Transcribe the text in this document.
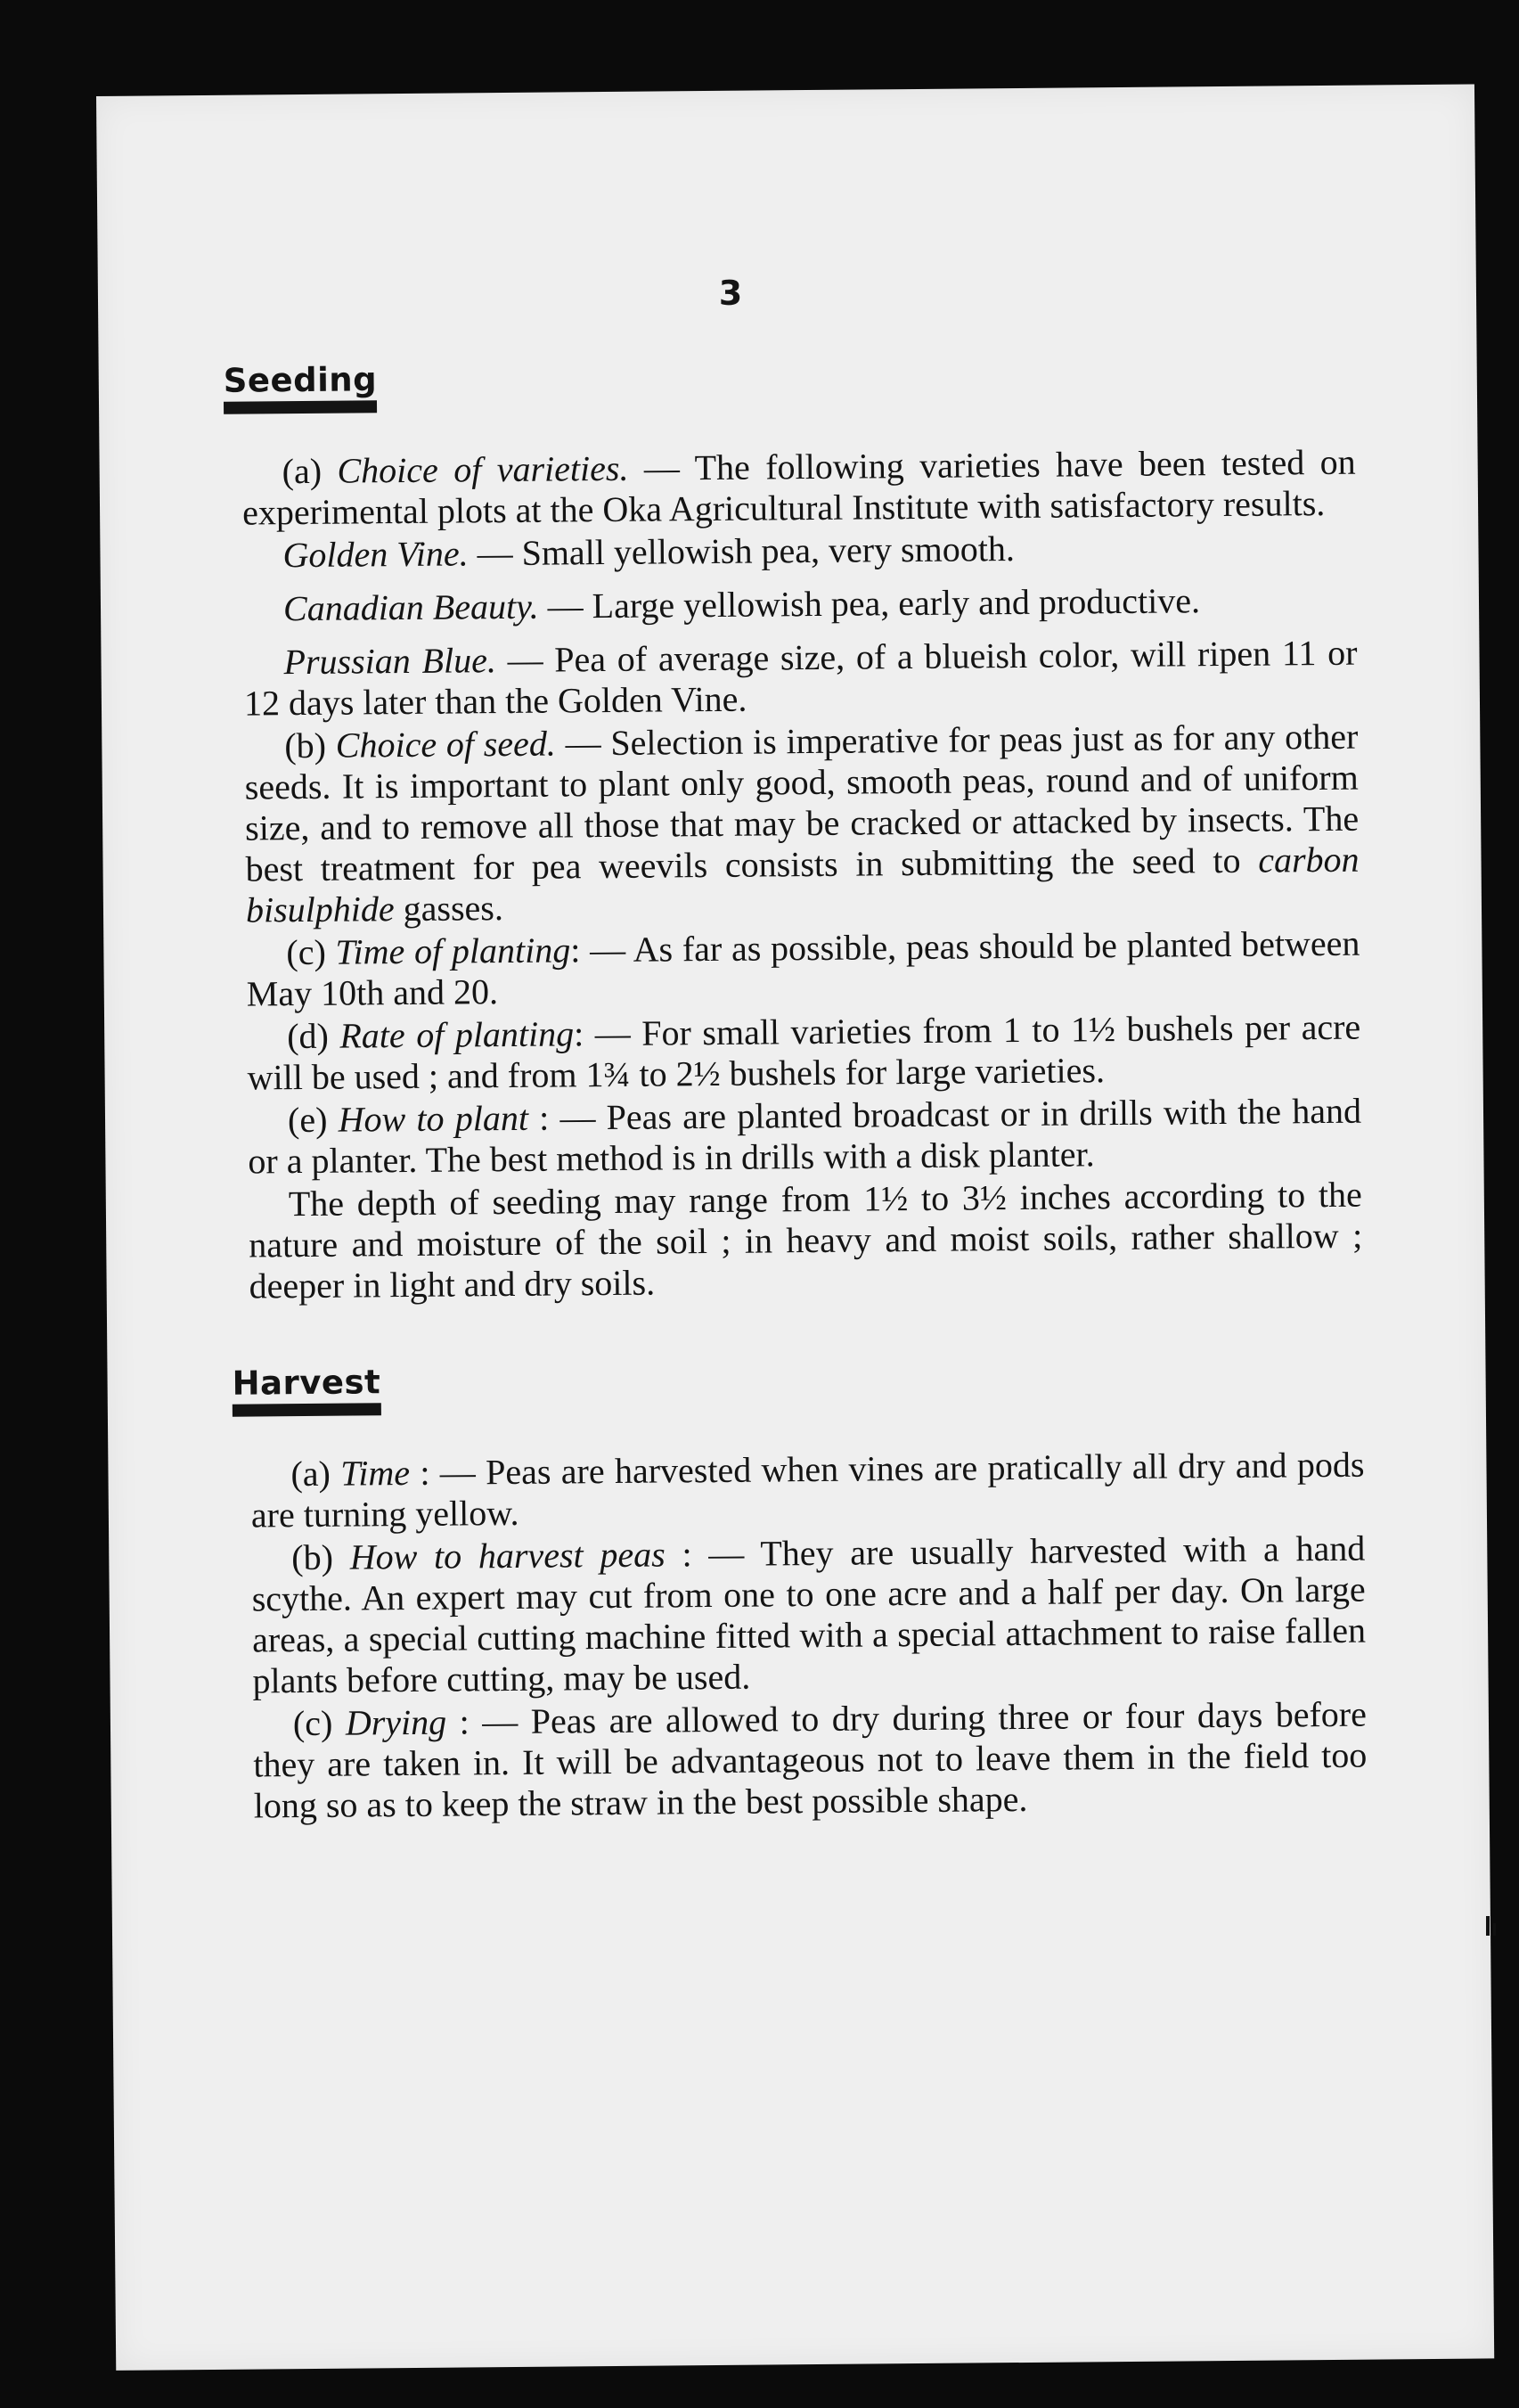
3
Seeding

(a) Choice of varieties. — The following varieties have been tested on experimental plots at the Oka Agricultural Institute with satisfactory results.

Golden Vine. — Small yellowish pea, very smooth.

Canadian Beauty. — Large yellowish pea, early and productive.

Prussian Blue. — Pea of average size, of a blueish color, will ripen 11 or 12 days later than the Golden Vine.

(b) Choice of seed. — Selection is imperative for peas just as for any other seeds. It is important to plant only good, smooth peas, round and of uniform size, and to remove all those that may be cracked or attacked by insects. The best treatment for pea weevils consists in submitting the seed to carbon bisulphide gasses.

(c) Time of planting: — As far as possible, peas should be planted between May 10th and 20.

(d) Rate of planting: — For small varieties from 1 to 1½ bushels per acre will be used ; and from 1¾ to 2½ bushels for large varieties.

(e) How to plant : — Peas are planted broadcast or in drills with the hand or a planter. The best method is in drills with a disk planter.

The depth of seeding may range from 1½ to 3½ inches according to the nature and moisture of the soil ; in heavy and moist soils, rather shallow ; deeper in light and dry soils.

Harvest

(a) Time : — Peas are harvested when vines are pratically all dry and pods are turning yellow.

(b) How to harvest peas : — They are usually harvested with a hand scythe. An expert may cut from one to one acre and a half per day. On large areas, a special cutting machine fitted with a special attachment to raise fallen plants before cutting, may be used.

(c) Drying : — Peas are allowed to dry during three or four days before they are taken in. It will be advantageous not to leave them in the field too long so as to keep the straw in the best possible shape.
